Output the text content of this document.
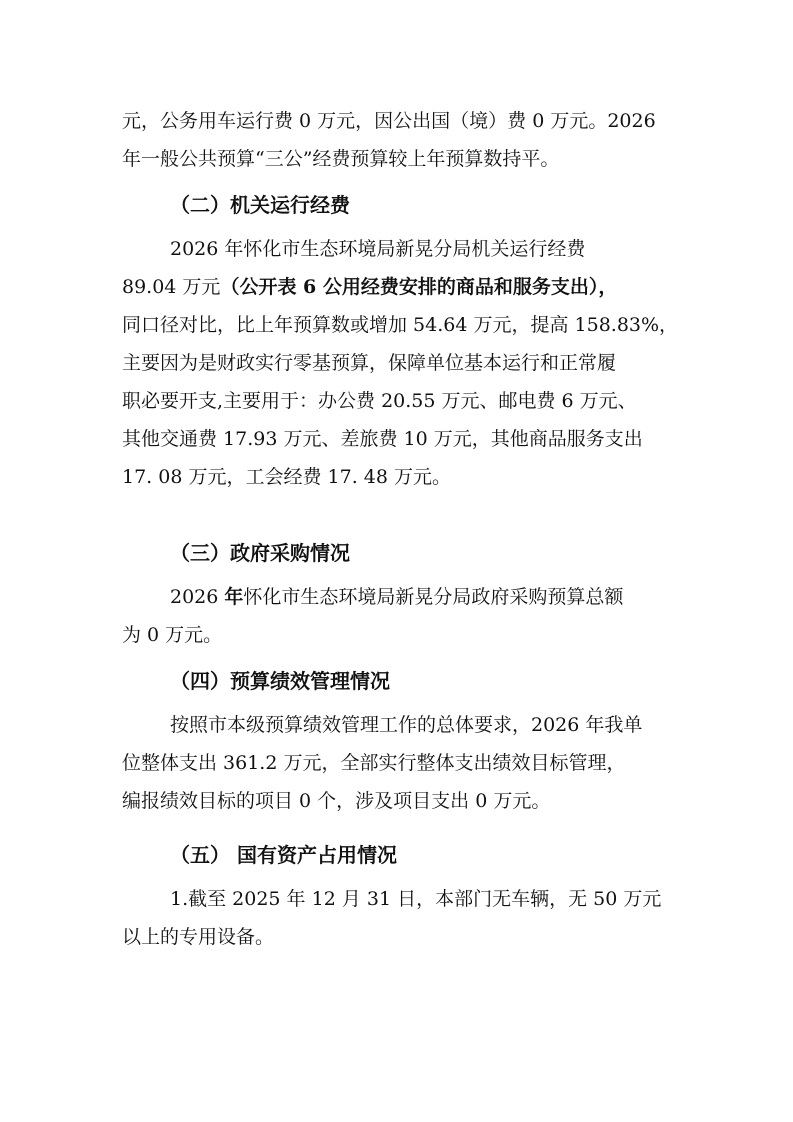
元，公务用车运行费 0 万元，因公出国（境）费 0 万元。2026
年一般公共预算“三公”经费预算较上年预算数持平。
（二）机关运行经费
2026 年怀化市生态环境局新晃分局机关运行经费
89.04 万元（公开表 6 公用经费安排的商品和服务支出），
同口径对比，比上年预算数或增加 54.64 万元，提高 158.83%，
主要因为是财政实行零基预算，保障单位基本运行和正常履
职必要开支,主要用于：办公费 20.55 万元、邮电费 6 万元、
其他交通费 17.93 万元、差旅费 10 万元，其他商品服务支出
17. 08 万元，工会经费 17. 48 万元。
（三）政府采购情况
2026 年怀化市生态环境局新晃分局政府采购预算总额
为 0 万元。
（四）预算绩效管理情况
按照市本级预算绩效管理工作的总体要求，2026 年我单
位整体支出 361.2 万元，全部实行整体支出绩效目标管理，
编报绩效目标的项目 0 个，涉及项目支出 0 万元。
（五） 国有资产占用情况
1.截至 2025 年 12 月 31 日，本部门无车辆，无 50 万元
以上的专用设备。
